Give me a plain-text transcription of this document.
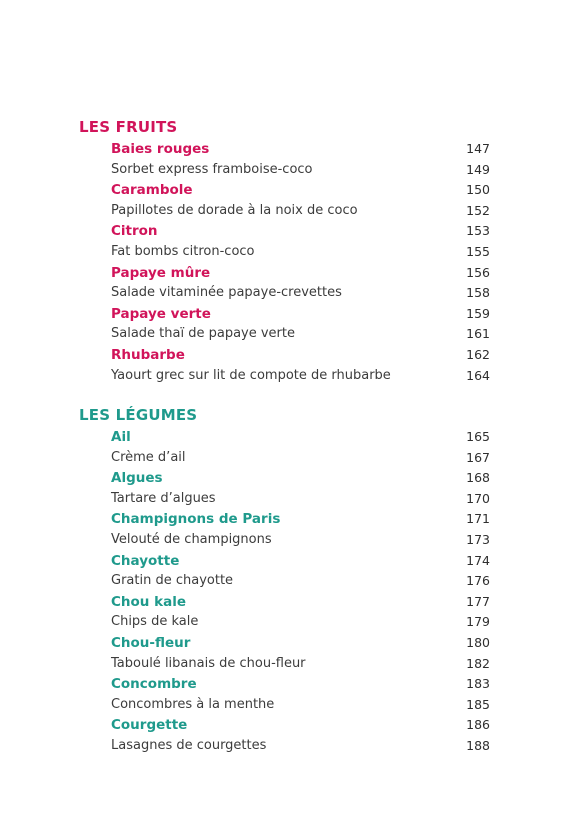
LES FRUITS
Baies rouges	147
Sorbet express framboise-coco	149
Carambole	150
Papillotes de dorade à la noix de coco	152
Citron	153
Fat bombs citron-coco	155
Papaye mûre	156
Salade vitaminée papaye-crevettes	158
Papaye verte	159
Salade thaï de papaye verte	161
Rhubarbe	162
Yaourt grec sur lit de compote de rhubarbe	164
LES LÉGUMES
Ail	165
Crème d’ail	167
Algues	168
Tartare d’algues	170
Champignons de Paris	171
Velouté de champignons	173
Chayotte	174
Gratin de chayotte	176
Chou kale	177
Chips de kale	179
Chou-fleur	180
Taboulé libanais de chou-fleur	182
Concombre	183
Concombres à la menthe	185
Courgette	186
Lasagnes de courgettes	188
